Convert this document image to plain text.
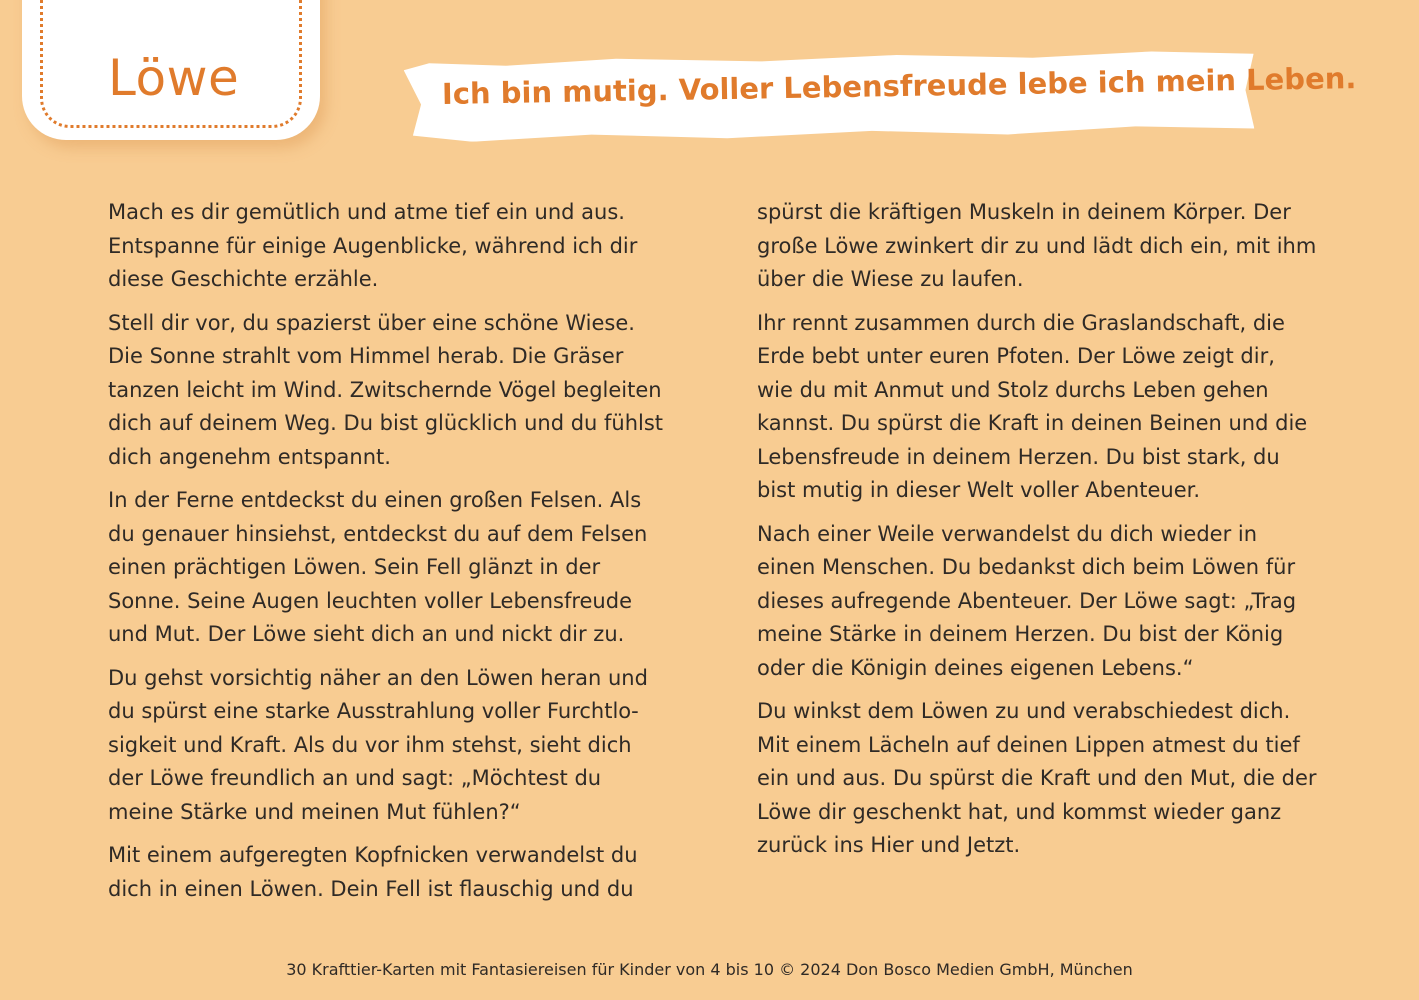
Löwe	Ich bin mutig. Voller Lebensfreude lebe ich mein Leben.

Mach es dir gemütlich und atme tief ein und aus. Entspanne für einige Augenblicke, während ich dir diese Geschichte erzähle.

Stell dir vor, du spazierst über eine schöne Wiese. Die Sonne strahlt vom Himmel herab. Die Gräser tanzen leicht im Wind. Zwitschernde Vögel begleiten dich auf deinem Weg. Du bist glücklich und du fühlst dich angenehm entspannt.

In der Ferne entdeckst du einen großen Felsen. Als du genauer hinsiehst, entdeckst du auf dem Felsen einen prächtigen Löwen. Sein Fell glänzt in der Sonne. Seine Augen leuchten voller Lebensfreude und Mut. Der Löwe sieht dich an und nickt dir zu.

Du gehst vorsichtig näher an den Löwen heran und du spürst eine starke Ausstrahlung voller Furchtlosigkeit und Kraft. Als du vor ihm stehst, sieht dich der Löwe freundlich an und sagt: „Möchtest du meine Stärke und meinen Mut fühlen?“

Mit einem aufgeregten Kopfnicken verwandelst du dich in einen Löwen. Dein Fell ist flauschig und du

spürst die kräftigen Muskeln in deinem Körper. Der große Löwe zwinkert dir zu und lädt dich ein, mit ihm über die Wiese zu laufen.

Ihr rennt zusammen durch die Graslandschaft, die Erde bebt unter euren Pfoten. Der Löwe zeigt dir, wie du mit Anmut und Stolz durchs Leben gehen kannst. Du spürst die Kraft in deinen Beinen und die Lebensfreude in deinem Herzen. Du bist stark, du bist mutig in dieser Welt voller Abenteuer.

Nach einer Weile verwandelst du dich wieder in einen Menschen. Du bedankst dich beim Löwen für dieses aufregende Abenteuer. Der Löwe sagt: „Trag meine Stärke in deinem Herzen. Du bist der König oder die Königin deines eigenen Lebens.“

Du winkst dem Löwen zu und verabschiedest dich. Mit einem Lächeln auf deinen Lippen atmest du tief ein und aus. Du spürst die Kraft und den Mut, die der Löwe dir geschenkt hat, und kommst wieder ganz zurück ins Hier und Jetzt.

30 Krafttier-Karten mit Fantasiereisen für Kinder von 4 bis 10 © 2024 Don Bosco Medien GmbH, München
